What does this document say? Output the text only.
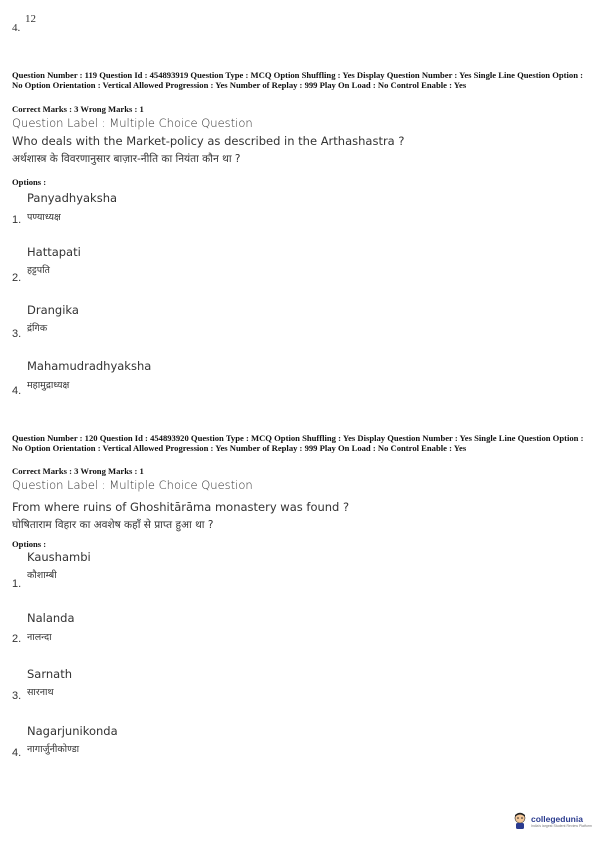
4.
12
Question Number : 119 Question Id : 454893919 Question Type : MCQ Option Shuffling : Yes Display Question Number : Yes Single Line Question Option : No Option Orientation : Vertical Allowed Progression : Yes Number of Replay : 999 Play On Load : No Control Enable : Yes
Correct Marks : 3 Wrong Marks : 1
Question Label : Multiple Choice Question
Who deals with the Market-policy as described in the Arthashastra ?
अर्थशास्त्र के विवरणानुसार बाज़ार-नीति का नियंता कौन था ?
Options :
Panyadhyaksha
1. पण्याध्यक्ष
Hattapati
हट्टपति
2.
Drangika
द्रंगिक
3.
Mahamudradhyaksha
महामुद्राध्यक्ष
4.
Question Number : 120 Question Id : 454893920 Question Type : MCQ Option Shuffling : Yes Display Question Number : Yes Single Line Question Option : No Option Orientation : Vertical Allowed Progression : Yes Number of Replay : 999 Play On Load : No Control Enable : Yes
Correct Marks : 3 Wrong Marks : 1
Question Label : Multiple Choice Question
From where ruins of Ghoshitārāma monastery was found ?
घोषिताराम विहार का अवशेष कहाँ से प्राप्त हुआ था ?
Options :
Kaushambi
कौशाम्बी
1.
Nalanda
2. नालन्दा
Sarnath
सारनाथ
3.
Nagarjunikonda
नागार्जुनीकोण्डा
4.
collegedunia
India's largest Student Review Platform
